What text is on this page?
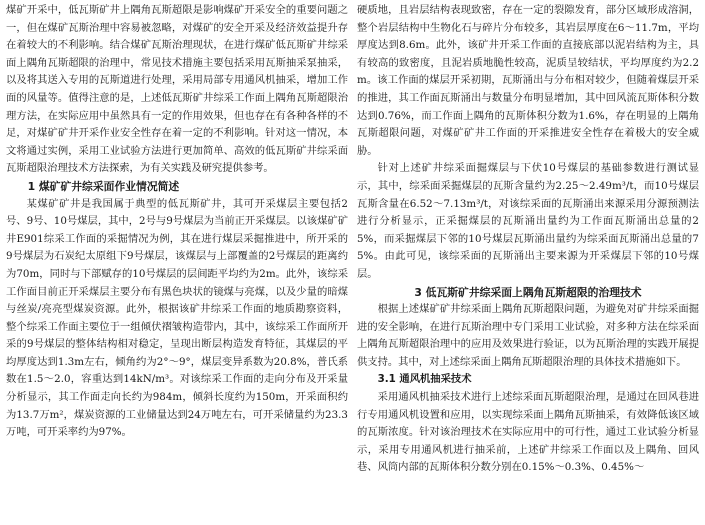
煤矿开采中，低瓦斯矿井上隅角瓦斯超限是影响煤矿开采安全的重要问题之一，但在煤矿瓦斯治理中容易被忽略，对煤矿的安全开采及经济效益提升存在着较大的不利影响。结合煤矿瓦斯治理现状，在进行煤矿低瓦斯矿井综采面上隅角瓦斯超限的治理中，常见技术措施主要包括采用瓦斯抽采泵抽采，以及将其送入专用的瓦斯道进行处理，采用局部专用通风机抽采，增加工作面的风量等。值得注意的是，上述低瓦斯矿井综采工作面上隅角瓦斯超限治理方法，在实际应用中虽然具有一定的作用效果，但也存在有各种各样的不足，对煤矿矿井开采作业安全性存在着一定的不利影响。针对这一情况，本文将通过实例，采用工业试验方法进行更加简单、高效的低瓦斯矿井综采面瓦斯超限治理技术方法探索，为有关实践及研究提供参考。

1 煤矿矿井综采面作业情况简述

某煤矿矿井是我国属于典型的低瓦斯矿井，其可开采煤层主要包括2号、9号、10号煤层，其中，2号与9号煤层为当前正开采煤层。以该煤矿矿井E901综采工作面的采掘情况为例，其在进行煤层采掘推进中，所开采的9号煤层为石炭纪太原组下9号煤层，该煤层与上部覆盖的2号煤层的距离约为70m，同时与下部赋存的10号煤层的层间距平均约为2m。此外，该综采工作面目前正开采煤层主要分布有黑色块状的镜煤与亮煤，以及少量的暗煤与丝炭/亮亮型煤炭资源。此外，根据该矿井综采工作面的地质勘察资料，整个综采工作面主要位于一组倾伏褶皱构造带内，其中，该综采工作面所开采的9号煤层的整体结构相对稳定，呈现出断层构造发育特征，其煤层的平均厚度达到1.3m左右，倾角约为2°～9°，煤层变异系数为20.8%，普氏系数在1.5～2.0，容重达到14kN/m³。对该综采工作面的走向分布及开采量分析显示，其工作面走向长约为984m，倾斜长度约为150m，开采面积约为13.7万m²，煤炭资源的工业储量达到24万吨左右，可开采储量约为23.3万吨，可开采率约为97%。

硬质地，且岩层结构表现致密，存在一定的裂隙发育，部分区域形成溶洞，整个岩层结构中生物化石与碎片分布较多，其岩层厚度在6～11.7m，平均厚度达到8.6m。此外，该矿井开采工作面的直接底部以泥岩结构为主，具有较高的致密度，且泥岩质地脆性较高，泥质呈较结状，平均厚度约为2.2m。该工作面的煤层开采初期，瓦斯涌出与分布相对较少，但随着煤层开采的推进，其工作面瓦斯涌出与数量分布明显增加，其中回风流瓦斯体积分数达到0.76%，而工作面上隅角的瓦斯体积分数为1.6%，存在明显的上隅角瓦斯超限问题，对煤矿矿井工作面的开采推进安全性存在着极大的安全威胁。

针对上述矿井综采面掘煤层与下伏10号煤层的基础参数进行测试显示，其中，综采面采掘煤层的瓦斯含量约为2.25～2.49m³/t，而10号煤层瓦斯含量在6.52～7.13m³/t，对该综采面的瓦斯涌出来源采用分源预测法进行分析显示，正采掘煤层的瓦斯涌出量约为工作面瓦斯涌出总量的25%，而采掘煤层下邻的10号煤层瓦斯涌出量约为综采面瓦斯涌出总量的75%。由此可见，该综采面的瓦斯涌出主要来源为开采煤层下邻的10号煤层。

3 低瓦斯矿井综采面上隅角瓦斯超限的治理技术

根据上述煤矿矿井综采面上隅角瓦斯超限问题，为避免对矿井综采面掘进的安全影响，在进行瓦斯治理中专门采用工业试验，对多种方法在综采面上隅角瓦斯超限治理中的应用及效果进行验证，以为瓦斯治理的实践开展提供支持。其中，对上述综采面上隅角瓦斯超限治理的具体技术措施如下。

3.1 通风机抽采技术

采用通风机抽采技术进行上述综采面瓦斯超限治理，是通过在回风巷进行专用通风机设置和应用，以实现综采面上隅角瓦斯抽采，有效降低该区域的瓦斯浓度。针对该治理技术在实际应用中的可行性，通过工业试验分析显示，采用专用通风机进行抽采前，上述矿井综采工作面以及上隅角、回风巷、风筒内部的瓦斯体积分数分别在0.15%～0.3%、0.45%～
